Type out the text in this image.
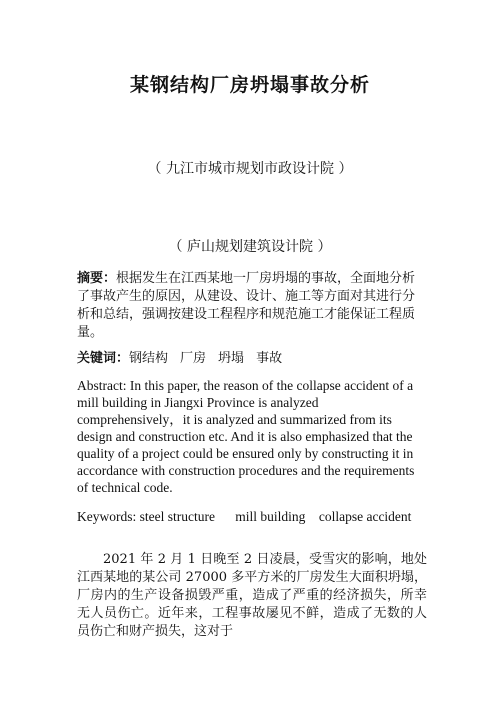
某钢结构厂房坍塌事故分析
（ 九江市城市规划市政设计院 ）
（ 庐山规划建筑设计院 ）
摘要：根据发生在江西某地一厂房坍塌的事故，全面地分析了事故产生的原因，从建设、设计、施工等方面对其进行分析和总结，强调按建设工程程序和规范施工才能保证工程质量。
关键词：钢结构 厂房 坍塌 事故
Abstract: In this paper, the reason of the collapse accident of a mill building in Jiangxi Province is analyzed comprehensively，it is analyzed and summarized from its design and construction etc. And it is also emphasized that the quality of a project could be ensured only by constructing it in accordance with construction procedures and the requirements of technical code.
Keywords: steel structure      mill building    collapse accident
2021 年 2 月 1 日晚至 2 日凌晨，受雪灾的影响，地处江西某地的某公司 27000 多平方米的厂房发生大面积坍塌，厂房内的生产设备损毁严重，造成了严重的经济损失，所幸无人员伤亡。近年来，工程事故屡见不鲜，造成了无数的人员伤亡和财产损失，这对于
